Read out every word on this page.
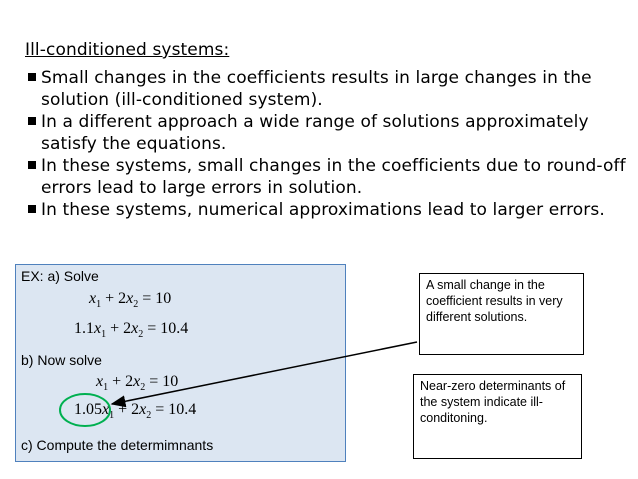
Ill-conditioned systems:
Small changes in the coefficients results in large changes in the solution (ill-conditioned system).
In a different approach a wide range of solutions approximately satisfy the equations.
In these systems, small changes in the coefficients due to round-off errors lead to large errors in solution.
In these systems, numerical approximations lead to larger errors.
EX: a) Solve
$x_1 + 2x_2 = 10$
$1.1x_1 + 2x_2 = 10.4$
b) Now solve
$x_1 + 2x_2 = 10$
$1.05x_1 + 2x_2 = 10.4$
c) Compute the determimnants
A small change in the coefficient results in very different solutions.
Near-zero determinants of the system indicate ill-conditoning.
